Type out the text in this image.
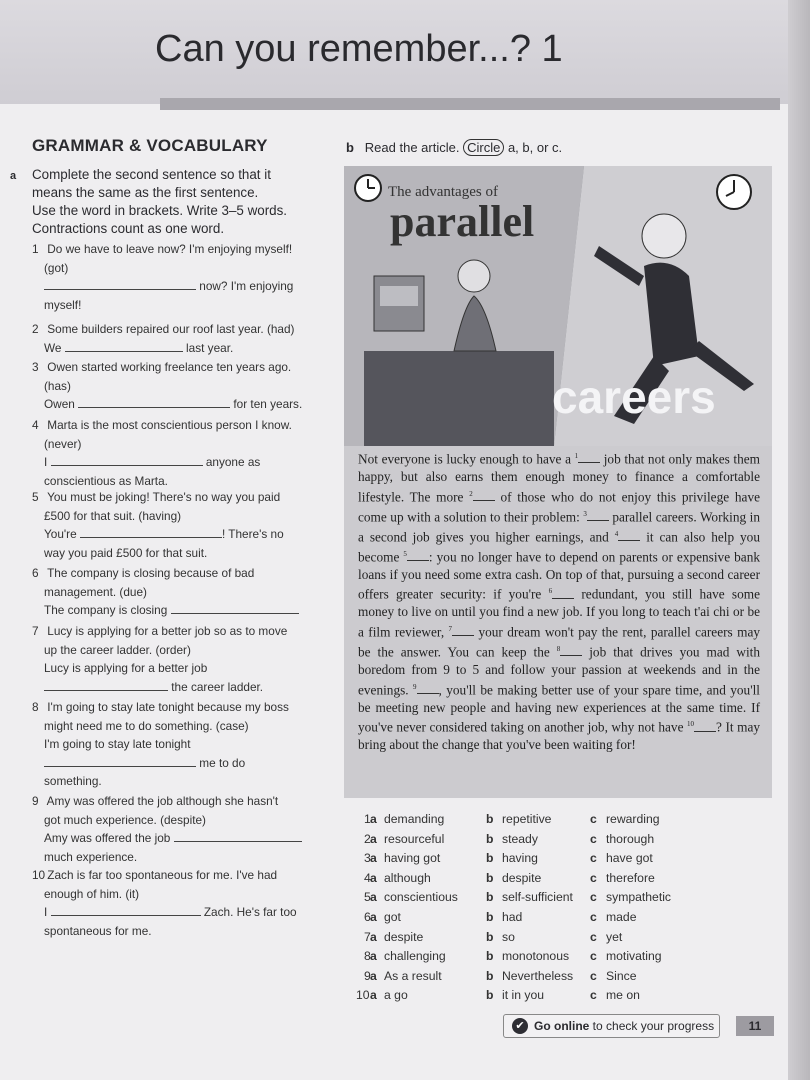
Can you remember...? 1
GRAMMAR & VOCABULARY
a Complete the second sentence so that it
means the same as the first sentence.
Use the word in brackets. Write 3–5 words.
Contractions count as one word.
1 Do we have to leave now? I'm enjoying myself!
(got)
now? I'm enjoying
myself!
2 Some builders repaired our roof last year. (had)
We	last year.
3 Owen started working freelance ten years ago.
(has)
Owen	for ten years.
4 Marta is the most conscientious person I know.
(never)
I	anyone as
conscientious as Marta.
5 You must be joking! There's no way you paid
£500 for that suit. (having)
You're	! There's no
way you paid £500 for that suit.
6 The company is closing because of bad
management. (due)
The company is closing
7 Lucy is applying for a better job so as to move
up the career ladder. (order)
Lucy is applying for a better job
the career ladder.
8 I'm going to stay late tonight because my boss
might need me to do something. (case)
I'm going to stay late tonight
me to do
something.
9 Amy was offered the job although she hasn't
got much experience. (despite)
Amy was offered the job
much experience.
10 Zach is far too spontaneous for me. I've had
enough of him. (it)
I	Zach. He's far too
spontaneous for me.
b Read the article. Circle a, b, or c.
The advantages of
parallel
careers

Not everyone is lucky enough to have a $^1$ job that not only makes them happy, but also earns them enough money to finance a comfortable lifestyle. The more $^2$ of those who do not enjoy this privilege have come up with a solution to their problem: $^3$ parallel careers. Working in a second job gives you higher earnings, and $^4$ it can also help you become $^5$ : you no longer have to depend on parents or expensive bank loans if you need some extra cash. On top of that, pursuing a second career offers greater security: if you're $^6$ redundant, you still have some money to live on until you find a new job. If you long to teach t'ai chi or be a film reviewer, $^7$ your dream won't pay the rent, parallel careers may be the answer. You can keep the $^8$ job that drives you mad with boredom from 9 to 5 and follow your passion at weekends and in the evenings. $^9$ , you'll be making better use of your spare time, and you'll be meeting new people and having new experiences at the same time. If you've never considered taking on another job, why not have $^{10}$ ? It may bring about the change that you've been waiting for!

1 a demanding	b repetitive	c rewarding
2 a resourceful	b steady	c thorough
3 a having got	b having	c have got
4 a although	b despite	c therefore
5 a conscientious b self-sufficient c sympathetic
6 a got	b had	c made
7 a despite	b so	c yet
8 a challenging	b monotonous c motivating
9 a As a result	b Nevertheless c Since
10 a a go	b it in you	c me on
✔ Go online to check your progress	11
